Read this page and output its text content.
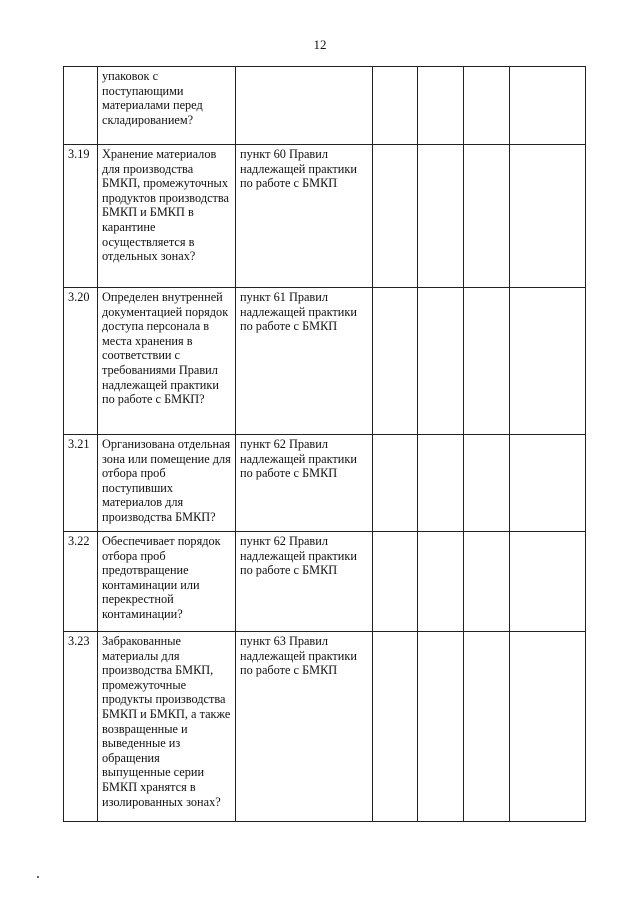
12
	упаковок с поступающими материалами перед складированием?					
3.19	Хранение материалов для производства БМКП, промежуточных продуктов производства БМКП и БМКП в карантине осуществляется в отдельных зонах?	пункт 60 Правил надлежащей практики по работе с БМКП				
3.20	Определен внутренней документацией порядок доступа персонала в места хранения в соответствии с требованиями Правил надлежащей практики по работе с БМКП?	пункт 61 Правил надлежащей практики по работе с БМКП				
3.21	Организована отдельная зона или помещение для отбора проб поступивших материалов для производства БМКП?	пункт 62 Правил надлежащей практики по работе с БМКП				
3.22	Обеспечивает порядок отбора проб предотвращение контаминации или перекрестной контаминации?	пункт 62 Правил надлежащей практики по работе с БМКП				
3.23	Забракованные материалы для производства БМКП, промежуточные продукты производства БМКП и БМКП, а также возвращенные и выведенные из обращения выпущенные серии БМКП хранятся в изолированных зонах?	пункт 63 Правил надлежащей практики по работе с БМКП				
